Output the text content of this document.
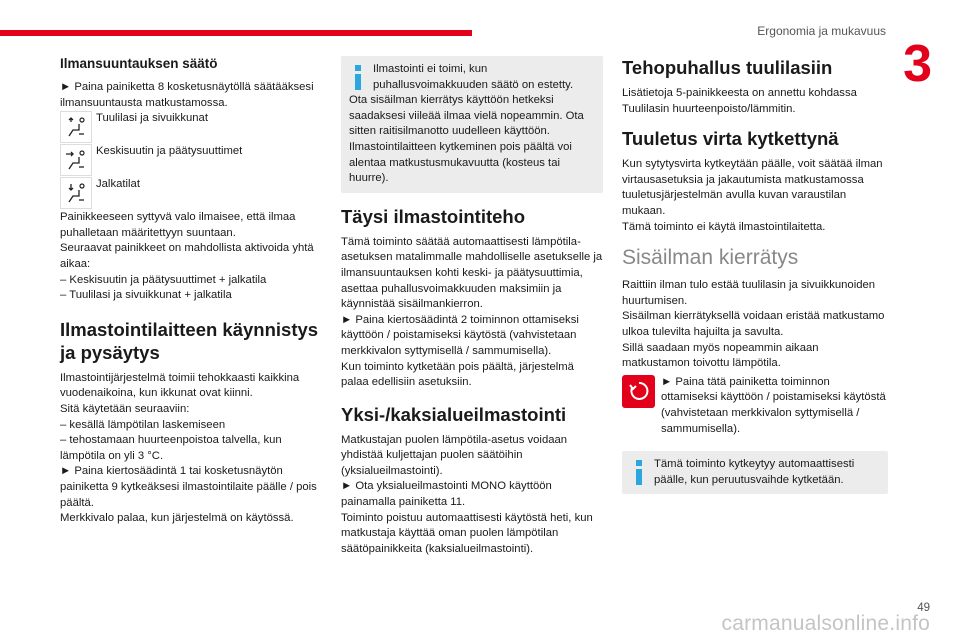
Ergonomia ja mukavuus
3
Ilmansuuntauksen säätö

► Paina painiketta 8 kosketusnäytöllä säätääksesi ilmansuuntausta matkustamossa.

Tuulilasi ja sivuikkunat
Keskisuutin ja päätysuuttimet
Jalkatilat

Painikkeeseen syttyvä valo ilmaisee, että ilmaa puhalletaan määritettyyn suuntaan.

Seuraavat painikkeet on mahdollista aktivoida yhtä aikaa:

– Keskisuutin ja päätysuuttimet + jalkatila

– Tuulilasi ja sivuikkunat + jalkatila

Ilmastointilaitteen käynnistys ja pysäytys

Ilmastointijärjestelmä toimii tehokkaasti kaikkina vuodenaikoina, kun ikkunat ovat kiinni.

Sitä käytetään seuraaviin:

– kesällä lämpötilan laskemiseen

– tehostamaan huurteenpoistoa talvella, kun lämpötila on yli 3 °C.

► Paina kiertosäädintä 1 tai kosketusnäytön painiketta 9 kytkeäksesi ilmastointilaite päälle / pois päältä.

Merkkivalo palaa, kun järjestelmä on käytössä.

Ilmastointi ei toimi, kun puhallusvoimakkuuden säätö on estetty.

Ota sisäilman kierrätys käyttöön hetkeksi saadaksesi viileää ilmaa vielä nopeammin. Ota sitten raitisilmanotto uudelleen käyttöön. Ilmastointilaitteen kytkeminen pois päältä voi alentaa matkustusmukavuutta (kosteus tai huurre).

Täysi ilmastointiteho

Tämä toiminto säätää automaattisesti lämpötila-asetuksen matalimmalle mahdolliselle asetukselle ja ilmansuuntauksen kohti keski- ja päätysuuttimia, asettaa puhallusvoimakkuuden maksimiin ja käynnistää sisäilmankierron.

► Paina kiertosäädintä 2 toiminnon ottamiseksi käyttöön / poistamiseksi käytöstä (vahvistetaan merkkivalon syttymisellä / sammumisella).

Kun toiminto kytketään pois päältä, järjestelmä palaa edellisiin asetuksiin.

Yksi-/kaksialueilmastointi

Matkustajan puolen lämpötila-asetus voidaan yhdistää kuljettajan puolen säätöihin (yksialueilmastointi).

► Ota yksialueilmastointi MONO käyttöön painamalla painiketta 11.

Toiminto poistuu automaattisesti käytöstä heti, kun matkustaja käyttää oman puolen lämpötilan säätöpainikkeita (kaksialueilmastointi).

Tehopuhallus tuulilasiin

Lisätietoja 5-painikkeesta on annettu kohdassa Tuulilasin huurteenpoisto/lämmitin.

Tuuletus virta kytkettynä

Kun sytytysvirta kytkeytään päälle, voit säätää ilman virtausasetuksia ja jakautumista matkustamossa tuuletusjärjestelmän avulla kuvan varaustilan mukaan.

Tämä toiminto ei käytä ilmastointilaitetta.

Sisäilman kierrätys

Raittiin ilman tulo estää tuulilasin ja sivuikkunoiden huurtumisen.

Sisäilman kierrätyksellä voidaan eristää matkustamo ulkoa tulevilta hajuilta ja savulta.

Sillä saadaan myös nopeammin aikaan matkustamon toivottu lämpötila.

► Paina tätä painiketta toiminnon ottamiseksi käyttöön / poistamiseksi käytöstä (vahvistetaan merkkivalon syttymisellä / sammumisella).

Tämä toiminto kytkeytyy automaattisesti päälle, kun peruutusvaihde kytketään.

49
carmanualsonline.info
